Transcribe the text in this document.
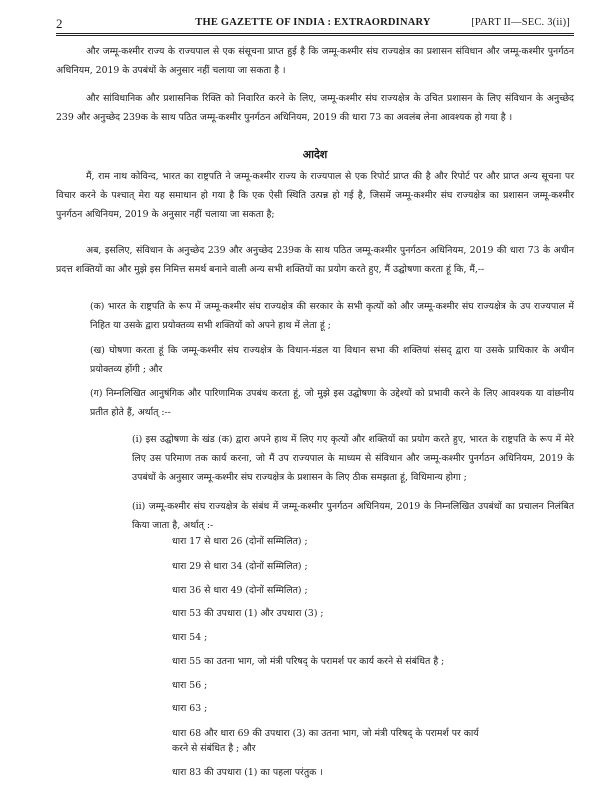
2	THE GAZETTE OF INDIA : EXTRAORDINARY	[PART II—SEC. 3(ii)]

और जम्मू-कश्मीर राज्य के राज्यपाल से एक संसूचना प्राप्त हुई है कि जम्मू-कश्मीर संघ राज्यक्षेत्र का प्रशासन संविधान और जम्मू-कश्मीर पुनर्गठन अधिनियम, 2019 के उपबंधों के अनुसार नहीं चलाया जा सकता है ।

और सांविधानिक और प्रशासनिक रिक्ति को निवारित करने के लिए, जम्मू-कश्मीर संघ राज्यक्षेत्र के उचित प्रशासन के लिए संविधान के अनुच्छेद 239 और अनुच्छेद 239क के साथ पठित जम्मू-कश्मीर पुनर्गठन अधिनियम, 2019 की धारा 73 का अवलंब लेना आवश्यक हो गया है ।

आदेश

मैं, राम नाथ कोविन्द, भारत का राष्ट्रपति ने जम्मू-कश्मीर राज्य के राज्यपाल से एक रिपोर्ट प्राप्त की है और रिपोर्ट पर और प्राप्त अन्य सूचना पर विचार करने के पश्चात् मेरा यह समाधान हो गया है कि एक ऐसी स्थिति उत्पन्न हो गई है, जिसमें जम्मू-कश्मीर संघ राज्यक्षेत्र का प्रशासन जम्मू-कश्मीर पुनर्गठन अधिनियम, 2019 के अनुसार नहीं चलाया जा सकता है;

अब, इसलिए, संविधान के अनुच्छेद 239 और अनुच्छेद 239क के साथ पठित जम्मू-कश्मीर पुनर्गठन अधिनियम, 2019 की धारा 73 के अधीन प्रदत्त शक्तियों का और मुझे इस निमित्त समर्थ बनाने वाली अन्य सभी शक्तियों का प्रयोग करते हुए, मैं उद्घोषणा करता हूं कि, मैं,--

(क) भारत के राष्ट्रपति के रूप में जम्मू-कश्मीर संघ राज्यक्षेत्र की सरकार के सभी कृत्यों को और जम्मू-कश्मीर संघ राज्यक्षेत्र के उप राज्यपाल में निहित या उसके द्वारा प्रयोक्तव्य सभी शक्तियों को अपने हाथ में लेता हूं ;

(ख) घोषणा करता हूं कि जम्मू-कश्मीर संघ राज्यक्षेत्र के विधान-मंडल या विधान सभा की शक्तियां संसद् द्वारा या उसके प्राधिकार के अधीन प्रयोक्तव्य होंगी ; और

(ग) निम्नलिखित आनुषंगिक और पारिणामिक उपबंध करता हूं, जो मुझे इस उद्घोषणा के उद्देश्यों को प्रभावी करने के लिए आवश्यक या वांछनीय प्रतीत होते हैं, अर्थात् :--

(i) इस उद्घोषणा के खंड (क) द्वारा अपने हाथ में लिए गए कृत्यों और शक्तियों का प्रयोग करते हुए, भारत के राष्ट्रपति के रूप में मेरे लिए उस परिमाण तक कार्य करना, जो मैं उप राज्यपाल के माध्यम से संविधान और जम्मू-कश्मीर पुनर्गठन अधिनियम, 2019 के उपबंधों के अनुसार जम्मू-कश्मीर संघ राज्यक्षेत्र के प्रशासन के लिए ठीक समझता हूं, विधिमान्य होगा ;

(ii) जम्मू-कश्मीर संघ राज्यक्षेत्र के संबंध में जम्मू-कश्मीर पुनर्गठन अधिनियम, 2019 के निम्नलिखित उपबंधों का प्रचालन निलंबित किया जाता है, अर्थात् :-

धारा 17 से धारा 26 (दोनों सम्मिलित) ;
धारा 29 से धारा 34 (दोनों सम्मिलित) ;
धारा 36 से धारा 49 (दोनों सम्मिलित) ;
धारा 53 की उपधारा (1) और उपधारा (3) ;
धारा 54 ;
धारा 55 का उतना भाग, जो मंत्री परिषद् के परामर्श पर कार्य करने से संबंधित है ;
धारा 56 ;
धारा 63 ;
धारा 68 और धारा 69 की उपधारा (3) का उतना भाग, जो मंत्री परिषद् के परामर्श पर कार्य
करने से संबंधित है ; और
धारा 83 की उपधारा (1) का पहला परंतुक ।
